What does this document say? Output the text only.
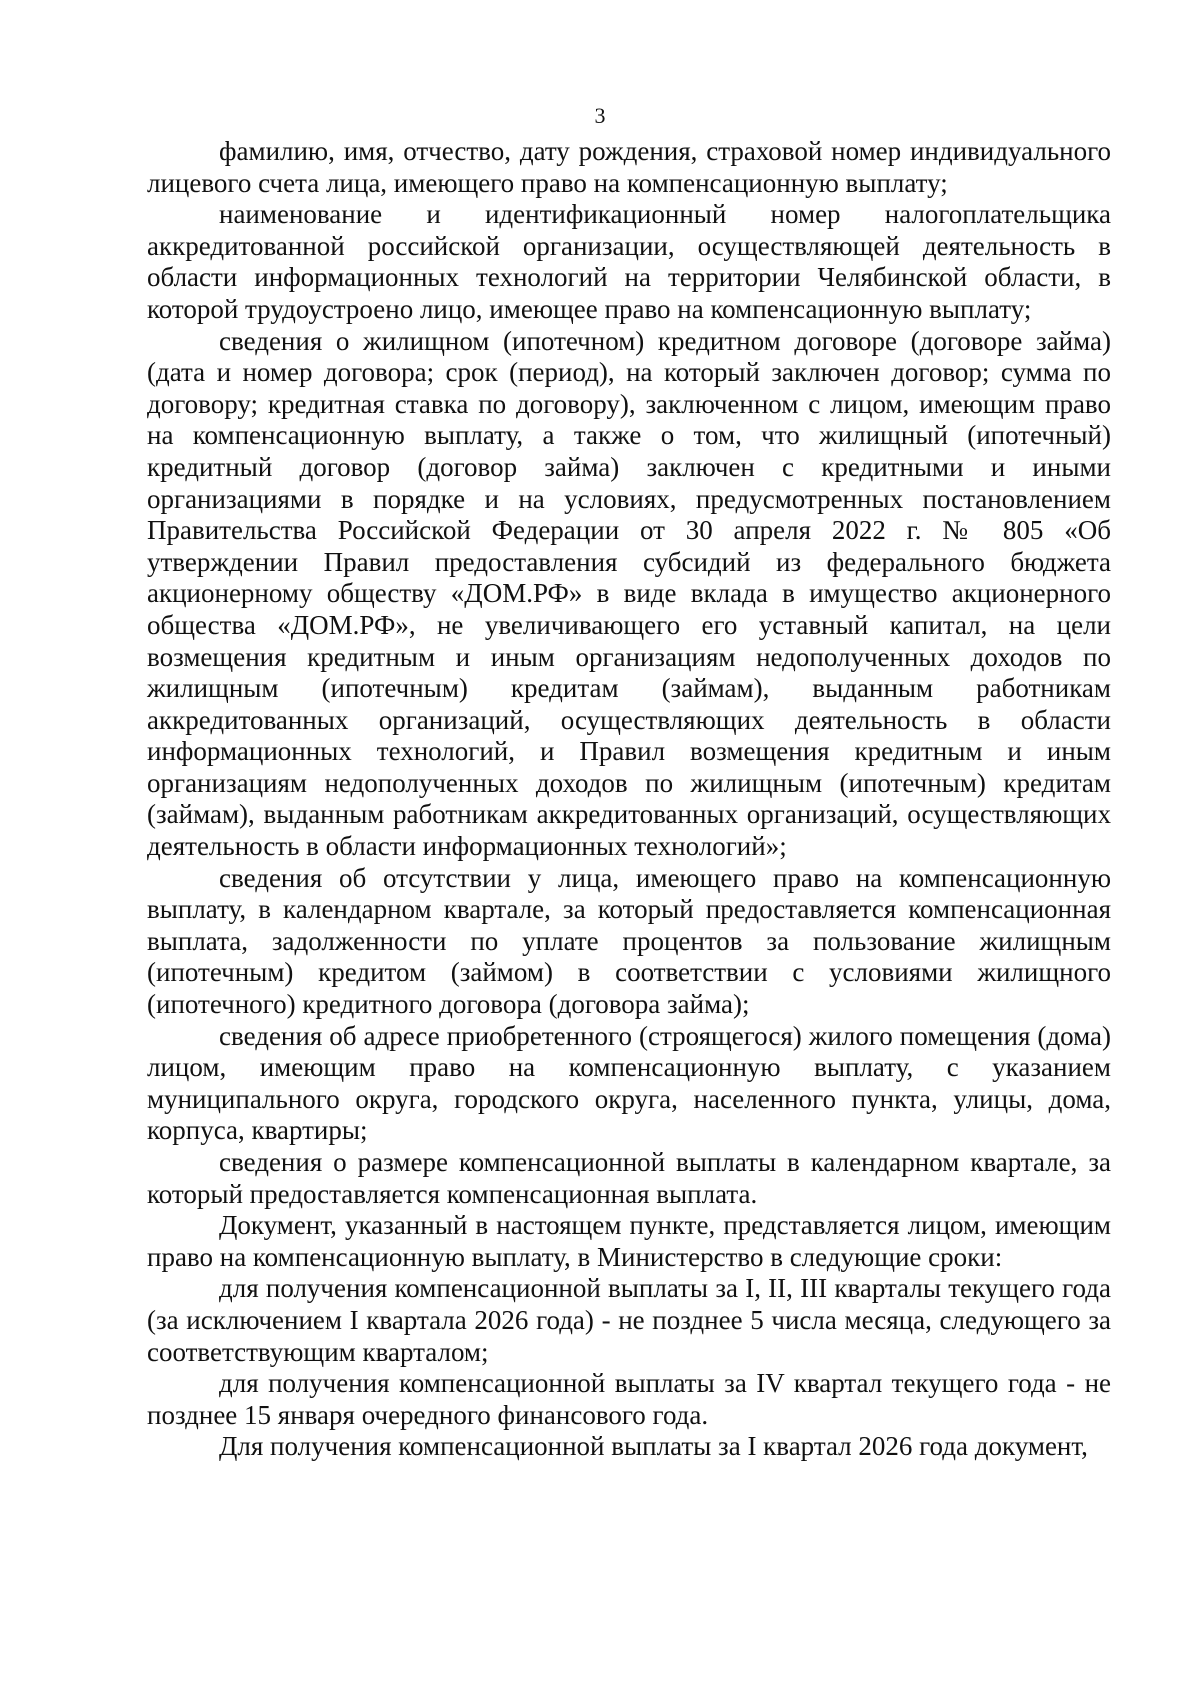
3

фамилию, имя, отчество, дату рождения, страховой номер индивидуального лицевого счета лица, имеющего право на компенсационную выплату;

наименование и идентификационный номер налогоплательщика аккредитованной российской организации, осуществляющей деятельность в области информационных технологий на территории Челябинской области, в которой трудоустроено лицо, имеющее право на компенсационную выплату;

сведения о жилищном (ипотечном) кредитном договоре (договоре займа) (дата и номер договора; срок (период), на который заключен договор; сумма по договору; кредитная ставка по договору), заключенном с лицом, имеющим право на компенсационную выплату, а также о том, что жилищный (ипотечный) кредитный договор (договор займа) заключен с кредитными и иными организациями в порядке и на условиях, предусмотренных постановлением Правительства Российской Федерации от 30 апреля 2022 г. № 805 «Об утверждении Правил предоставления субсидий из федерального бюджета акционерному обществу «ДОМ.РФ» в виде вклада в имущество акционерного общества «ДОМ.РФ», не увеличивающего его уставный капитал, на цели возмещения кредитным и иным организациям недополученных доходов по жилищным (ипотечным) кредитам (займам), выданным работникам аккредитованных организаций, осуществляющих деятельность в области информационных технологий, и Правил возмещения кредитным и иным организациям недополученных доходов по жилищным (ипотечным) кредитам (займам), выданным работникам аккредитованных организаций, осуществляющих деятельность в области информационных технологий»;

сведения об отсутствии у лица, имеющего право на компенсационную выплату, в календарном квартале, за который предоставляется компенсационная выплата, задолженности по уплате процентов за пользование жилищным (ипотечным) кредитом (займом) в соответствии с условиями жилищного (ипотечного) кредитного договора (договора займа);

сведения об адресе приобретенного (строящегося) жилого помещения (дома) лицом, имеющим право на компенсационную выплату, с указанием муниципального округа, городского округа, населенного пункта, улицы, дома, корпуса, квартиры;

сведения о размере компенсационной выплаты в календарном квартале, за который предоставляется компенсационная выплата.

Документ, указанный в настоящем пункте, представляется лицом, имеющим право на компенсационную выплату, в Министерство в следующие сроки:

для получения компенсационной выплаты за I, II, III кварталы текущего года (за исключением I квартала 2026 года) - не позднее 5 числа месяца, следующего за соответствующим кварталом;

для получения компенсационной выплаты за IV квартал текущего года - не позднее 15 января очередного финансового года.

Для получения компенсационной выплаты за I квартал 2026 года документ,
